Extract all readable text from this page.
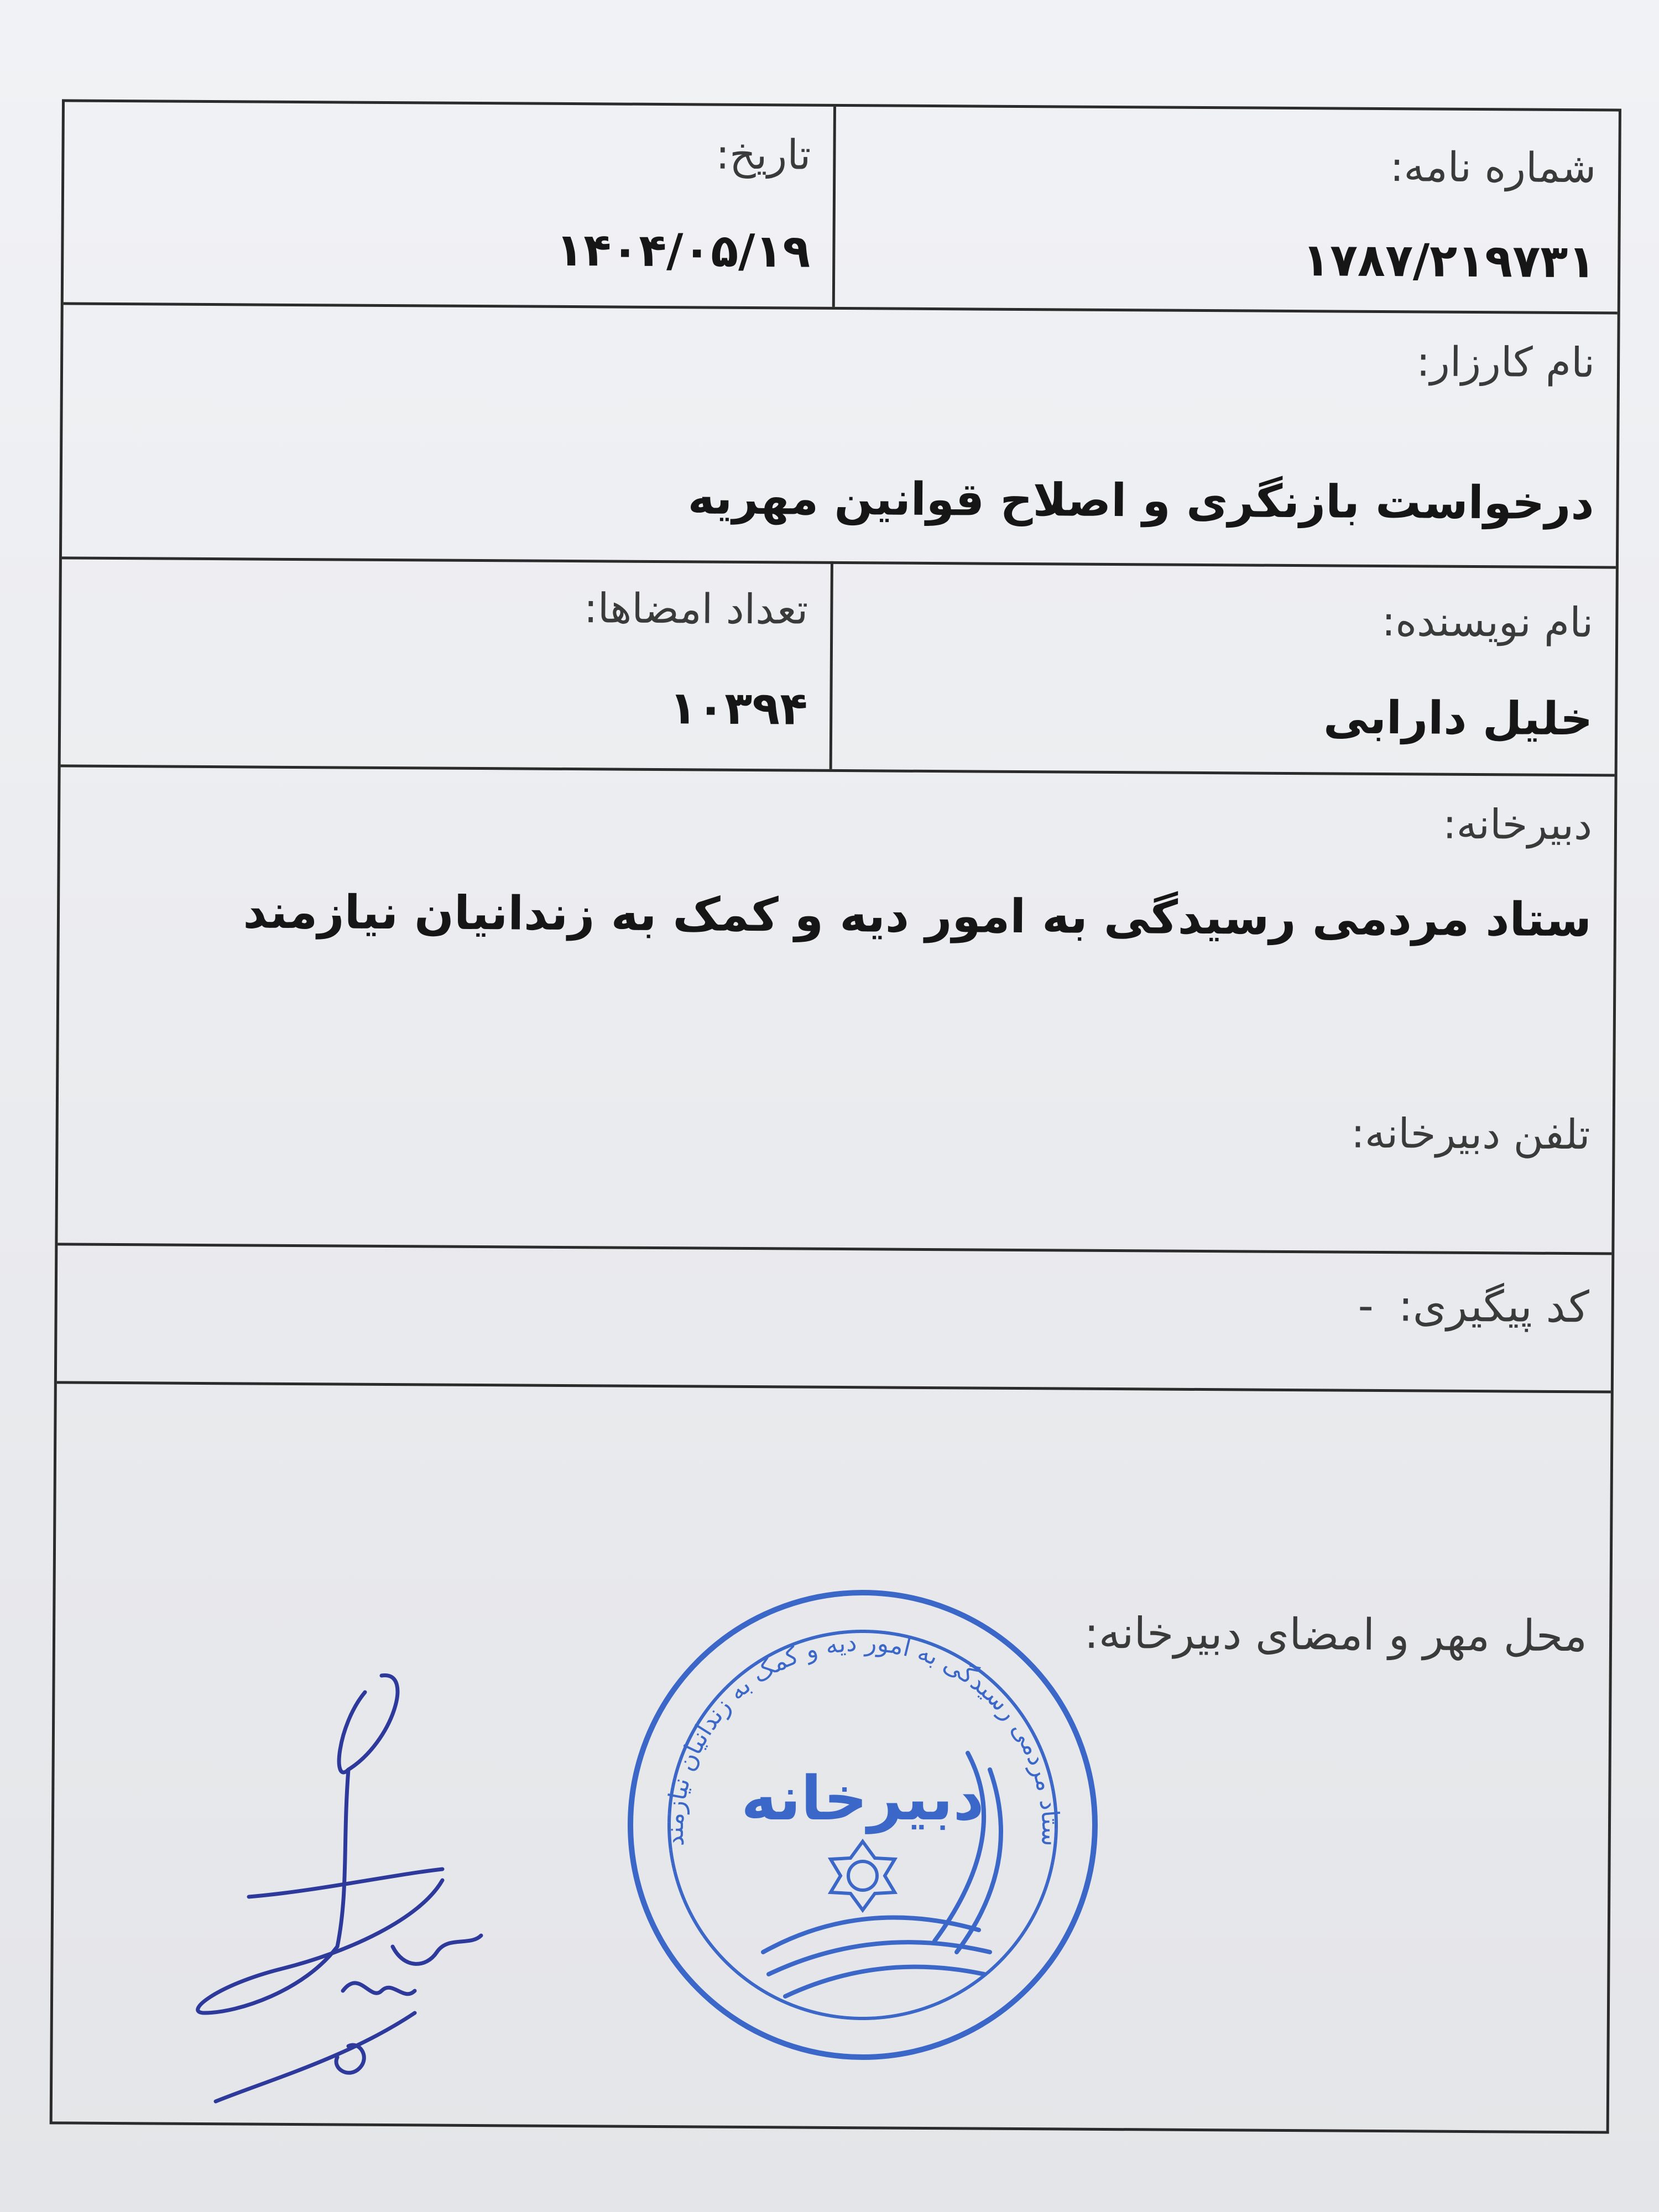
شماره نامه:
۱۷۸۷/۲۱۹۷۳۱
تاریخ:
۱۴۰۴/۰۵/۱۹
نام کارزار:
درخواست بازنگری و اصلاح قوانین مهریه
نام نویسنده:
خلیل دارابی
تعداد امضاها:
۱۰۳۹۴
دبیرخانه:
ستاد مردمی رسیدگی به امور دیه و کمک به زندانیان نیازمند
تلفن دبیرخانه:
کد پیگیری: -
محل مهر و امضای دبیرخانه:
ستاد مردمی رسیدگی به امور دیه و کمک به زندانیان نیازمند
دبیرخانه
